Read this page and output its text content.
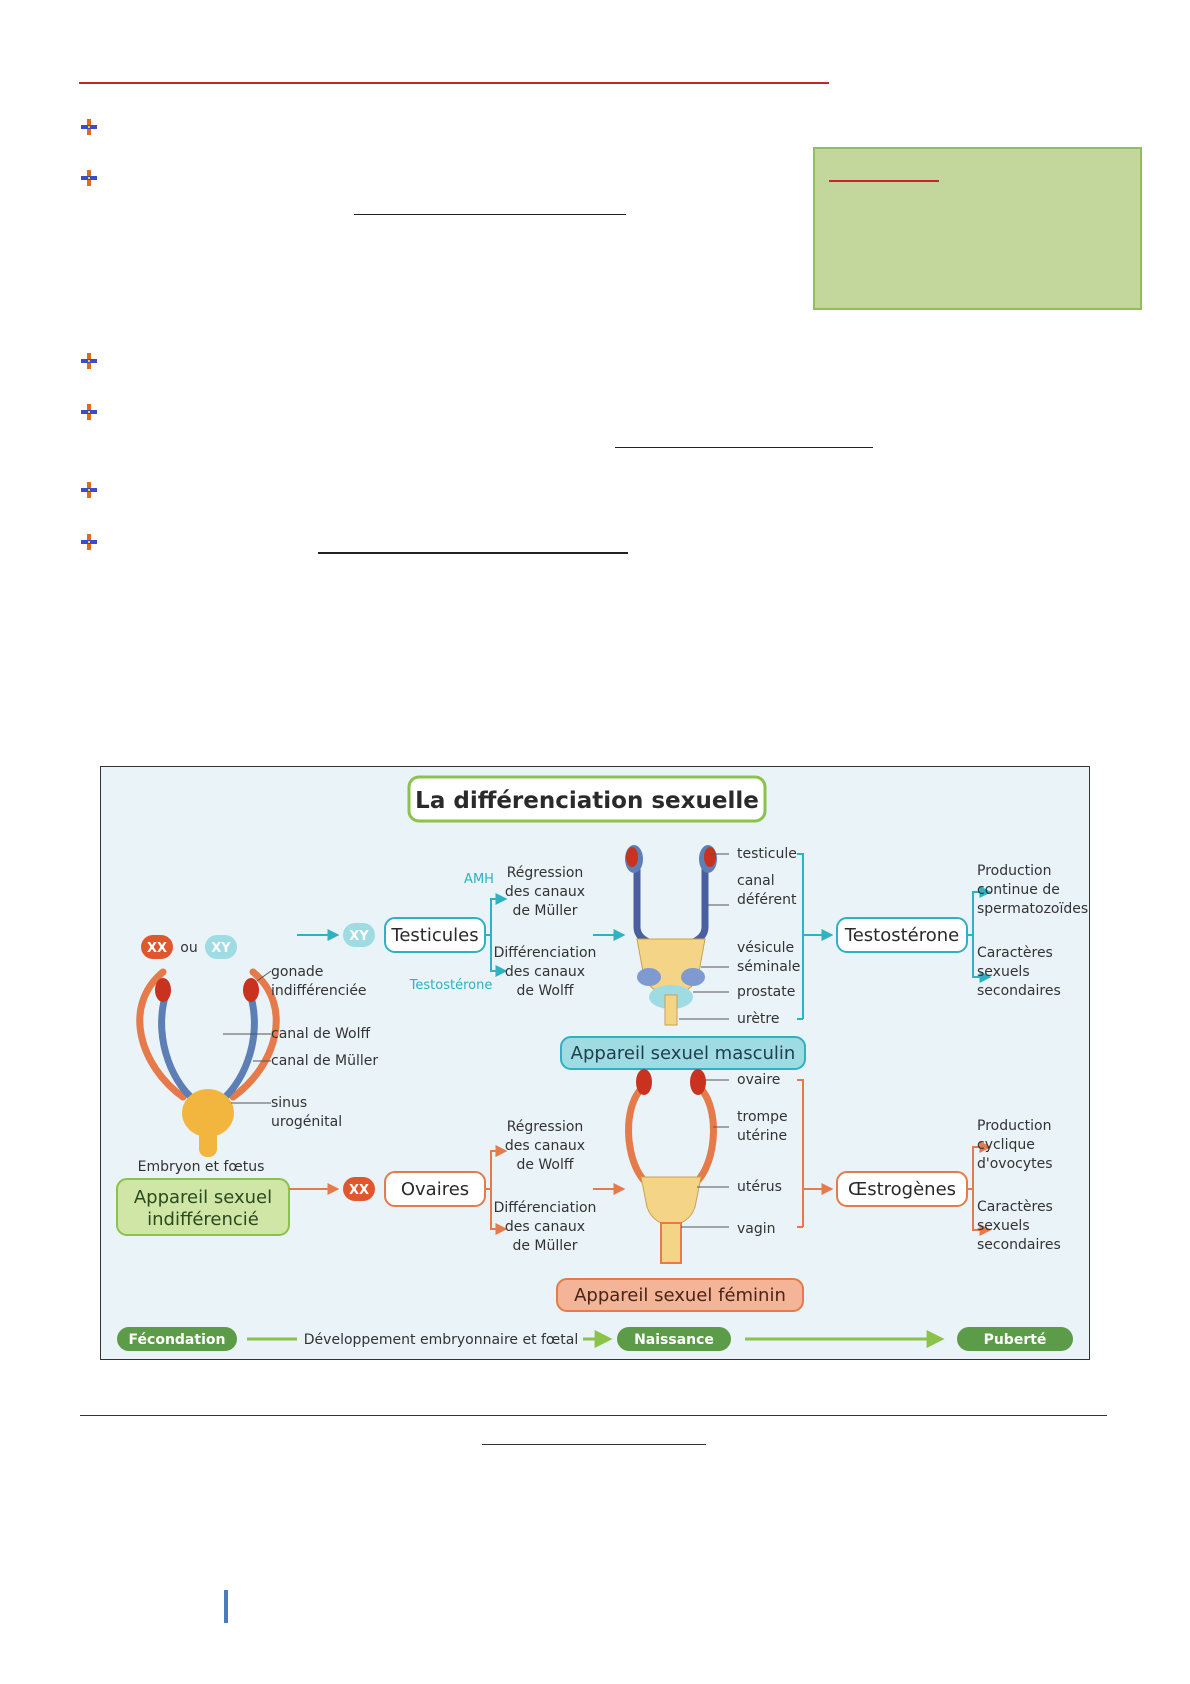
La différenciation sexuelle
XX ou XY
gonade
indifférenciée
canal de Wolff
canal de Müller
sinus
urogénital
Embryon et fœtus
Appareil sexuel
indifférencié
XY Testicules
AMH
Testostérone
Régression
des canaux
de Müller
Différenciation
des canaux
de Wolff
testicule
canal
déférent
vésicule
séminale
prostate
urètre
Appareil sexuel masculin
Testostérone
Production
continue de
spermatozoïdes
Caractères
sexuels
secondaires
XX Ovaires
Régression
des canaux
de Wolff
Différenciation
des canaux
de Müller
ovaire
trompe
utérine
utérus
vagin
Appareil sexuel féminin
Œstrogènes
Production
cyclique
d'ovocytes
Caractères
sexuels
secondaires
Fécondation	Développement embryonnaire et fœtal	Naissance	Puberté
